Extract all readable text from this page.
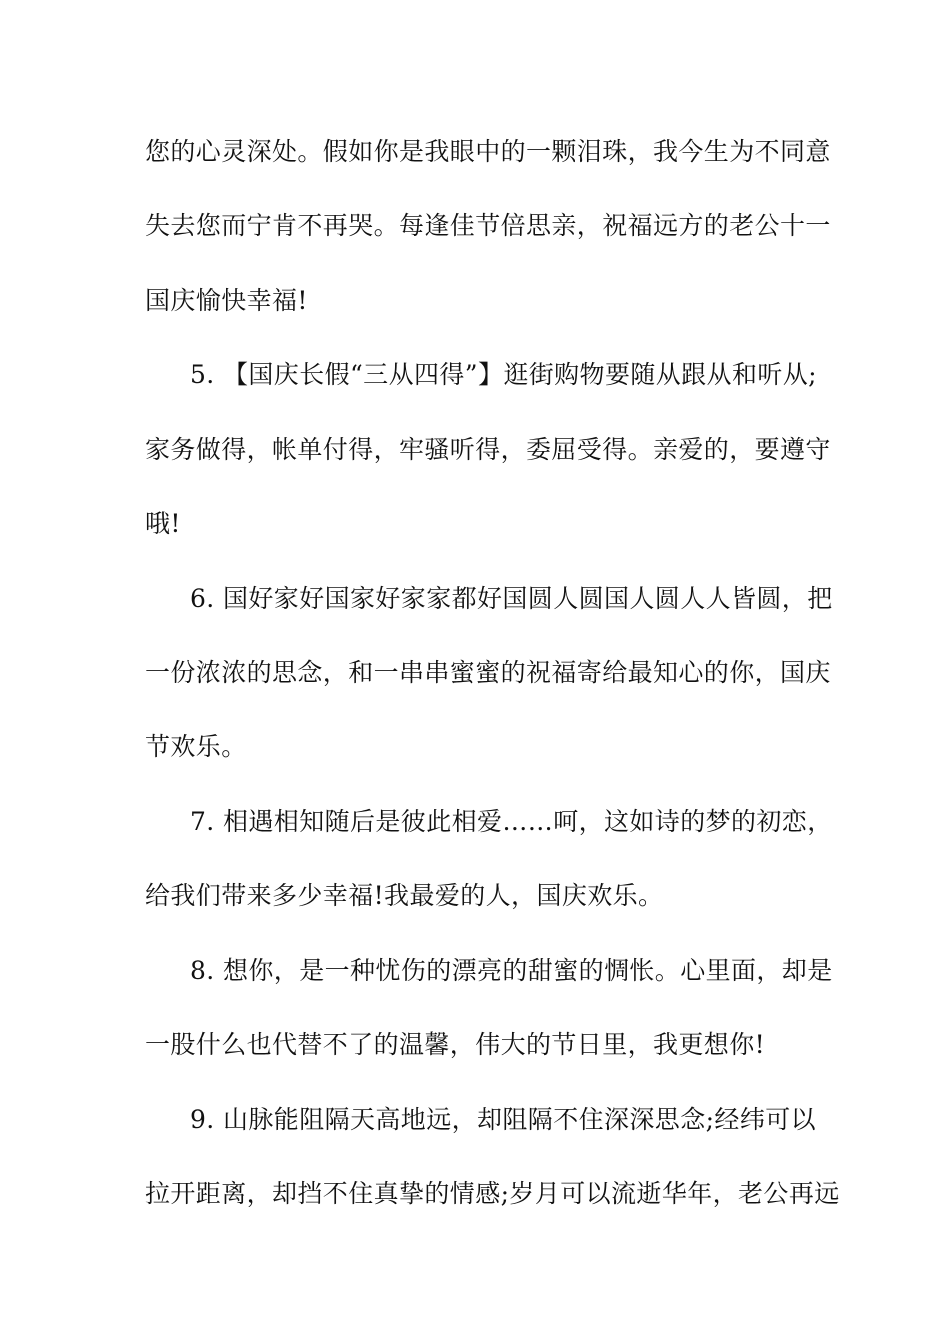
您的心灵深处。假如你是我眼中的一颗泪珠，我今生为不同意
失去您而宁肯不再哭。每逢佳节倍思亲，祝福远方的老公十一
国庆愉快幸福!
5. 【国庆长假“三从四得”】逛街购物要随从跟从和听从;
家务做得，帐单付得，牢骚听得，委屈受得。亲爱的，要遵守
哦!
6. 国好家好国家好家家都好国圆人圆国人圆人人皆圆，把
一份浓浓的思念，和一串串蜜蜜的祝福寄给最知心的你，国庆
节欢乐。
7. 相遇相知随后是彼此相爱……呵，这如诗的梦的初恋，
给我们带来多少幸福!我最爱的人，国庆欢乐。
8. 想你，是一种忧伤的漂亮的甜蜜的惆怅。心里面，却是
一股什么也代替不了的温馨，伟大的节日里，我更想你!
9. 山脉能阻隔天高地远，却阻隔不住深深思念;经纬可以
拉开距离，却挡不住真挚的情感;岁月可以流逝华年，老公再远
